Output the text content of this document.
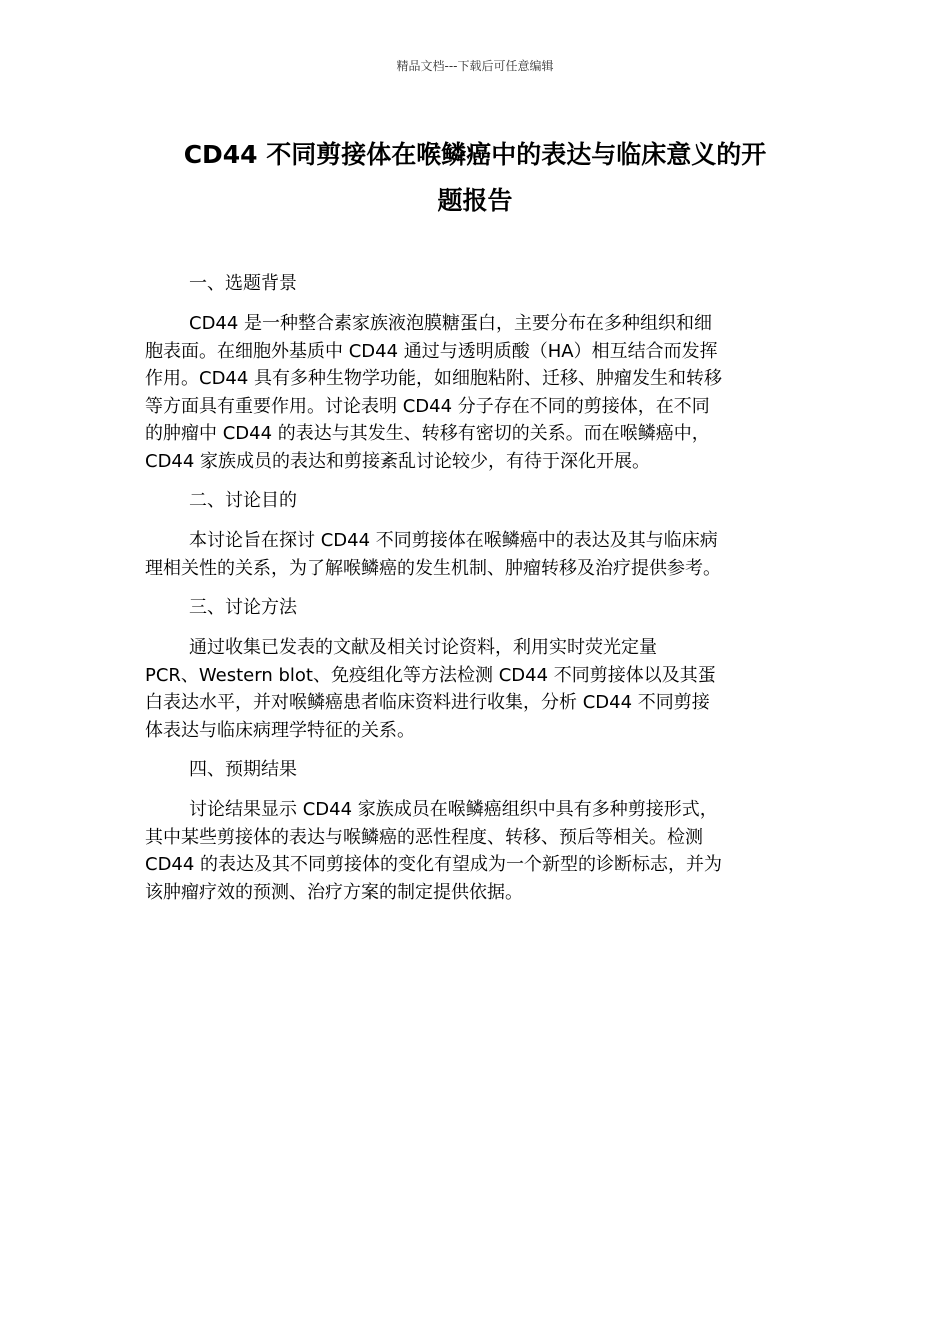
精品文档---下载后可任意编辑
CD44 不同剪接体在喉鳞癌中的表达与临床意义的开
题报告
一、选题背景

CD44 是一种整合素家族液泡膜糖蛋白，主要分布在多种组织和细
胞表面。在细胞外基质中 CD44 通过与透明质酸（HA）相互结合而发挥
作用。CD44 具有多种生物学功能，如细胞粘附、迁移、肿瘤发生和转移
等方面具有重要作用。讨论表明 CD44 分子存在不同的剪接体，在不同
的肿瘤中 CD44 的表达与其发生、转移有密切的关系。而在喉鳞癌中，
CD44 家族成员的表达和剪接紊乱讨论较少，有待于深化开展。

二、讨论目的

本讨论旨在探讨 CD44 不同剪接体在喉鳞癌中的表达及其与临床病
理相关性的关系，为了解喉鳞癌的发生机制、肿瘤转移及治疗提供参考。

三、讨论方法

通过收集已发表的文献及相关讨论资料，利用实时荧光定量
PCR、Western blot、免疫组化等方法检测 CD44 不同剪接体以及其蛋
白表达水平，并对喉鳞癌患者临床资料进行收集，分析 CD44 不同剪接
体表达与临床病理学特征的关系。

四、预期结果

讨论结果显示 CD44 家族成员在喉鳞癌组织中具有多种剪接形式，
其中某些剪接体的表达与喉鳞癌的恶性程度、转移、预后等相关。检测
CD44 的表达及其不同剪接体的变化有望成为一个新型的诊断标志，并为
该肿瘤疗效的预测、治疗方案的制定提供依据。
